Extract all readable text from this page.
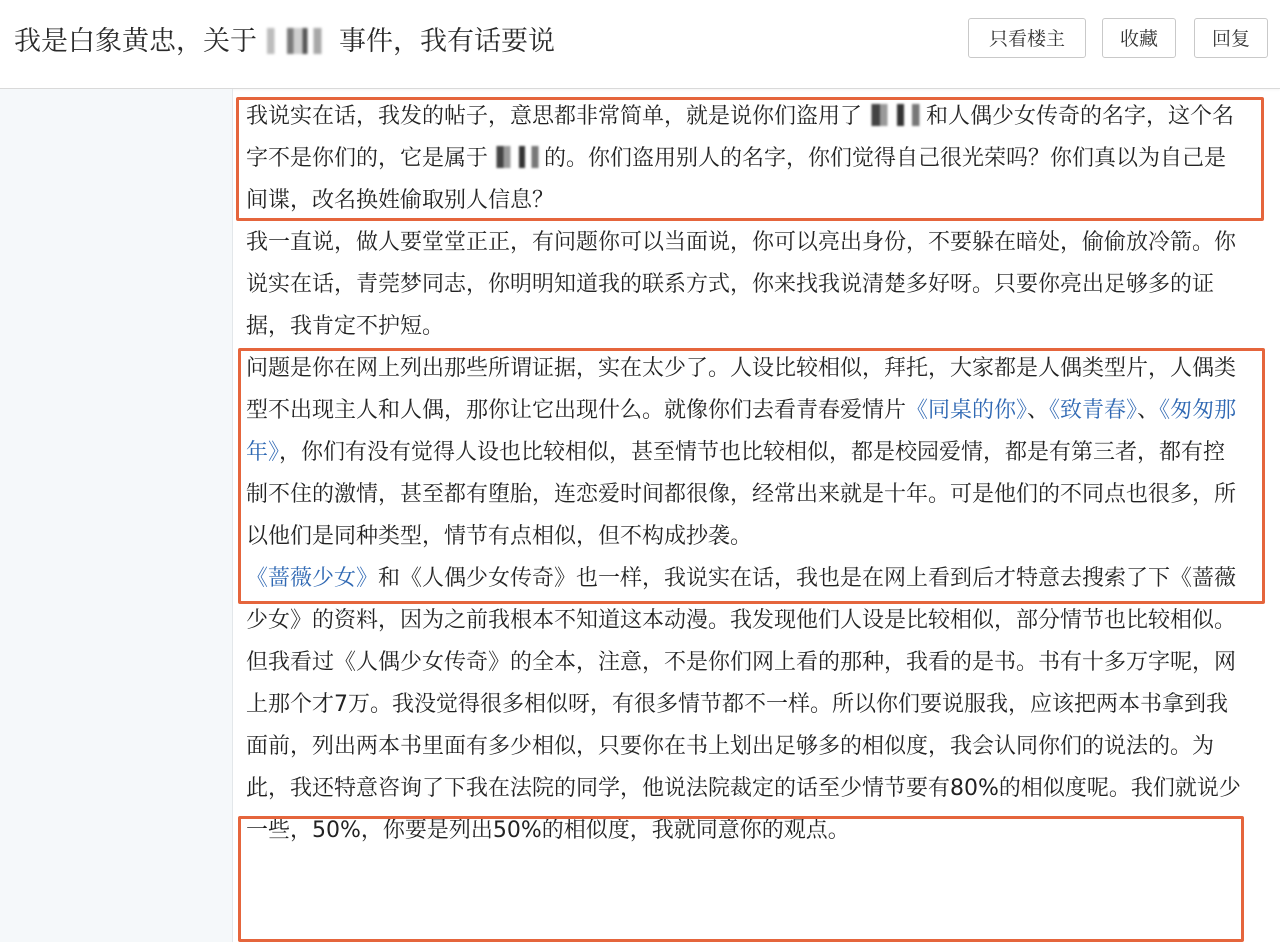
我是白象黄忠，关于	事件，我有话要说	只看楼主	收藏	回复

我说实在话，我发的帖子，意思都非常简单，就是说你们盗用了	和人偶少女传奇的名字，这个名字不是你们的，它是属于	的。你们盗用别人的名字，你们觉得自己很光荣吗？你们真以为自己是间谍，改名换姓偷取别人信息？

我一直说，做人要堂堂正正，有问题你可以当面说，你可以亮出身份，不要躲在暗处，偷偷放冷箭。你说实在话，青莞梦同志，你明明知道我的联系方式，你来找我说清楚多好呀。只要你亮出足够多的证据，我肯定不护短。

问题是你在网上列出那些所谓证据，实在太少了。人设比较相似，拜托，大家都是人偶类型片，人偶类型不出现主人和人偶，那你让它出现什么。就像你们去看青春爱情片《同桌的你》、《致青春》、《匆匆那年》，你们有没有觉得人设也比较相似，甚至情节也比较相似，都是校园爱情，都是有第三者，都有控制不住的激情，甚至都有堕胎，连恋爱时间都很像，经常出来就是十年。可是他们的不同点也很多，所以他们是同种类型，情节有点相似，但不构成抄袭。

《蔷薇少女》和《人偶少女传奇》也一样，我说实在话，我也是在网上看到后才特意去搜索了下《蔷薇少女》的资料，因为之前我根本不知道这本动漫。我发现他们人设是比较相似，部分情节也比较相似。但我看过《人偶少女传奇》的全本，注意，不是你们网上看的那种，我看的是书。书有十多万字呢，网上那个才7万。我没觉得很多相似呀，有很多情节都不一样。所以你们要说服我，应该把两本书拿到我面前，列出两本书里面有多少相似，只要你在书上划出足够多的相似度，我会认同你们的说法的。为此，我还特意咨询了下我在法院的同学，他说法院裁定的话至少情节要有80%的相似度呢。我们就说少一些，50%，你要是列出50%的相似度，我就同意你的观点。
